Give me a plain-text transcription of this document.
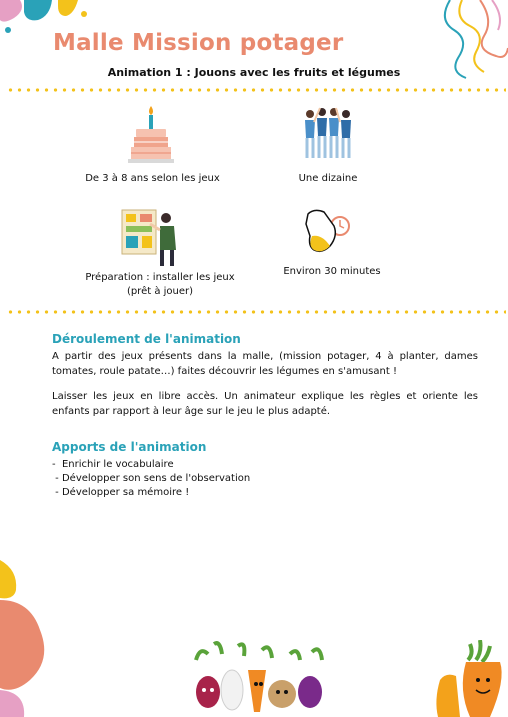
Malle Mission potager
Animation 1 : Jouons avec les fruits et légumes
De 3 à 8 ans selon les jeux	Une dizaine
Préparation : installer les jeux
(prêt à jouer)
Environ 30 minutes
Déroulement de l'animation
A partir des jeux présents dans la malle, (mission potager, 4 à planter, dames tomates, roule patate…) faites découvrir les légumes en s'amusant !
Laisser les jeux en libre accès. Un animateur explique les règles et oriente les enfants par rapport à leur âge sur le jeu le plus adapté.
Apports de l'animation
-  Enrichir le vocabulaire
- Développer son sens de l'observation
- Développer sa mémoire !
